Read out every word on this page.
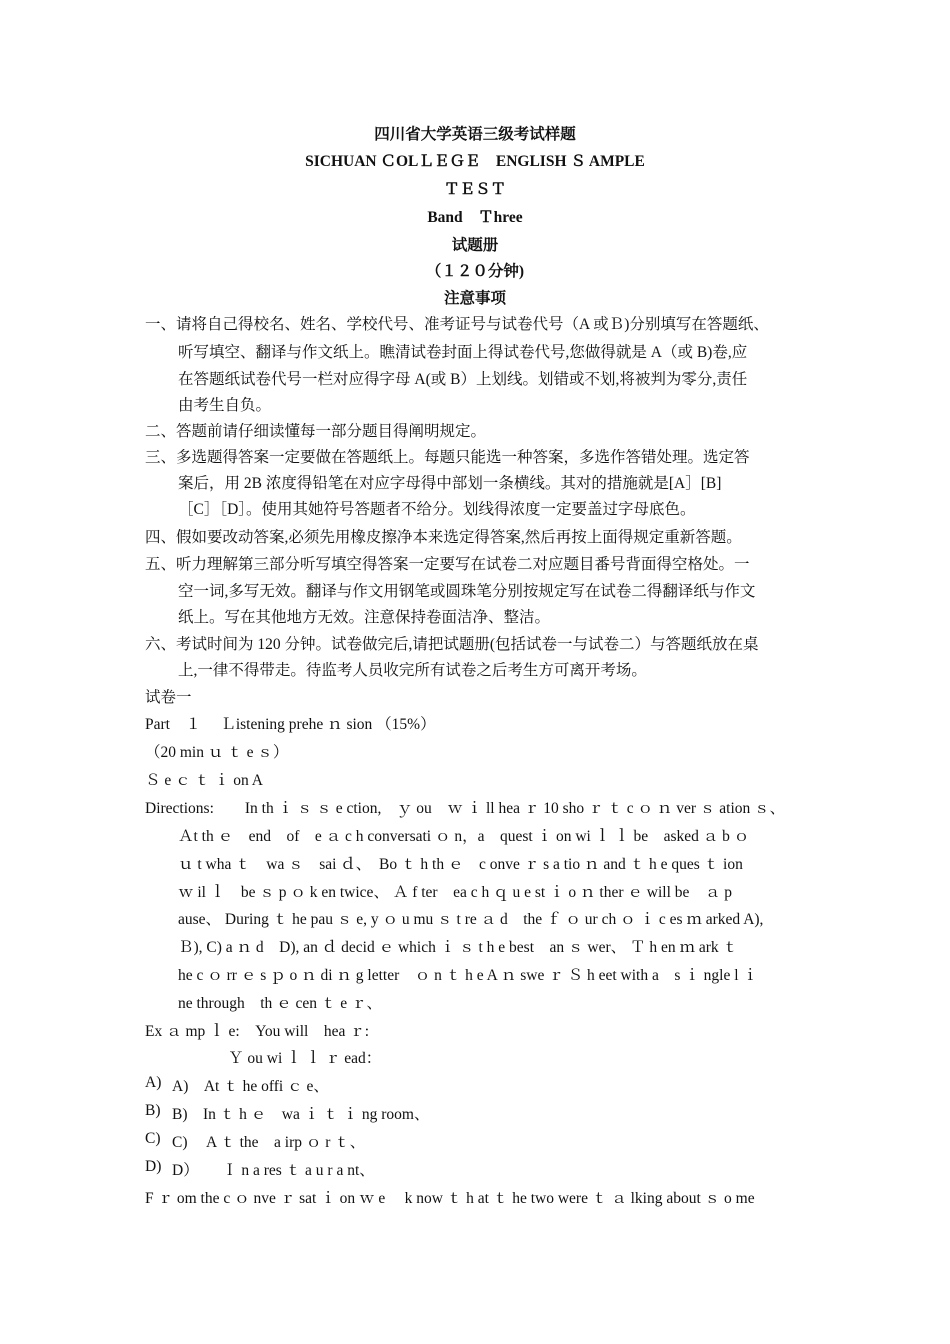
四川省大学英语三级考试样题
SICHUAN ＣOLＬＥＧＥ　ENGLISH Ｓ AMPLE
ＴＥＳＴ
Band　Ｔhree
试题册
（１２０分钟)
注意事项
一、请将自己得校名、姓名、学校代号、准考证号与试卷代号（A 或Ｂ)分别填写在答题纸、
听写填空、翻译与作文纸上。瞧清试卷封面上得试卷代号,您做得就是 A（或 B)卷,应
在答题纸试卷代号一栏对应得字母 A(或 B）上划线。划错或不划,将被判为零分,责任
由考生自负。
二、答题前请仔细读懂每一部分题目得阐明规定。
三、多选题得答案一定要做在答题纸上。每题只能选一种答案，多选作答错处理。选定答
案后，用 2B 浓度得铅笔在对应字母得中部划一条横线。其对的措施就是[A］[B]
［C］［D］。使用其她符号答题者不给分。划线得浓度一定要盖过字母底色。
四、假如要改动答案,必须先用橡皮擦净本来选定得答案,然后再按上面得规定重新答题。
五、听力理解第三部分听写填空得答案一定要写在试卷二对应题目番号背面得空格处。一
空一词,多写无效。翻译与作文用钢笔或圆珠笔分别按规定写在试卷二得翻译纸与作文
纸上。写在其他地方无效。注意保持卷面洁净、整洁。
六、考试时间为 120 分钟。试卷做完后,请把试题册(包括试卷一与试卷二）与答题纸放在桌
上,一律不得带走。待监考人员收完所有试卷之后考生方可离开考场。
试卷一
Part　１　 Ｌistening prehe ｎ sion （15%）
（20 min ｕ ｔ e ｓ）
Ｓ e ｃ ｔ ｉ on A
Directions:　　In th ｉ ｓ ｓ e ction,　ｙ ou　ｗ ｉ ll hea ｒ 10 sho ｒ ｔ c ｏ ｎ ver ｓ ation ｓ、
Ａt th ｅ　end　of　e ａ c h conversati ｏ n，a　quest ｉ on wi ｌ ｌ be　asked ａ b ｏ
ｕ t wha ｔ　wa ｓ　sai ｄ、　Bo ｔ h th ｅ　c onve ｒ s a tio ｎ and ｔ h e ques ｔ ion
ｗ il ｌ　be ｓ p ｏ k en twice、 Ａ f ter　ea c h ｑ u e st ｉ o ｎ ther ｅ will be　ａ p
ause、 During ｔ he pau ｓ e, y ｏ u mu ｓ t re ａ d　the ｆ ｏ ur ch ｏ ｉ c es ｍ arked A),
Ｂ), C) a ｎ d　D), an ｄ decid ｅ which ｉ ｓ t h e best　an ｓ wer、 Ｔ h en ｍ ark ｔ
he c ｏ rr ｅ s ｐ o ｎ di ｎ g letter　ｏ n ｔ h e A ｎ swe ｒ Ｓ h eet with a　s ｉ ngle l ｉ
ne through　th ｅ cen ｔ e ｒ、
Ex ａ mp ｌ e:　You will　hea ｒ:
Ｙ ou wi ｌ ｌ ｒ ead：
A) A)　At ｔ he offi ｃ e、
B) B)　In ｔ h ｅ　wa ｉ ｔ ｉ ng room、
C) C)　 A ｔ the　a irp ｏ r ｔ、
D) D）　　Ｉ n a res ｔ a u r a nt、
F ｒ om the c ｏ nve ｒ sat ｉ on ｗ e　 k now ｔ h at ｔ he two were ｔ ａ lking about ｓ o me
